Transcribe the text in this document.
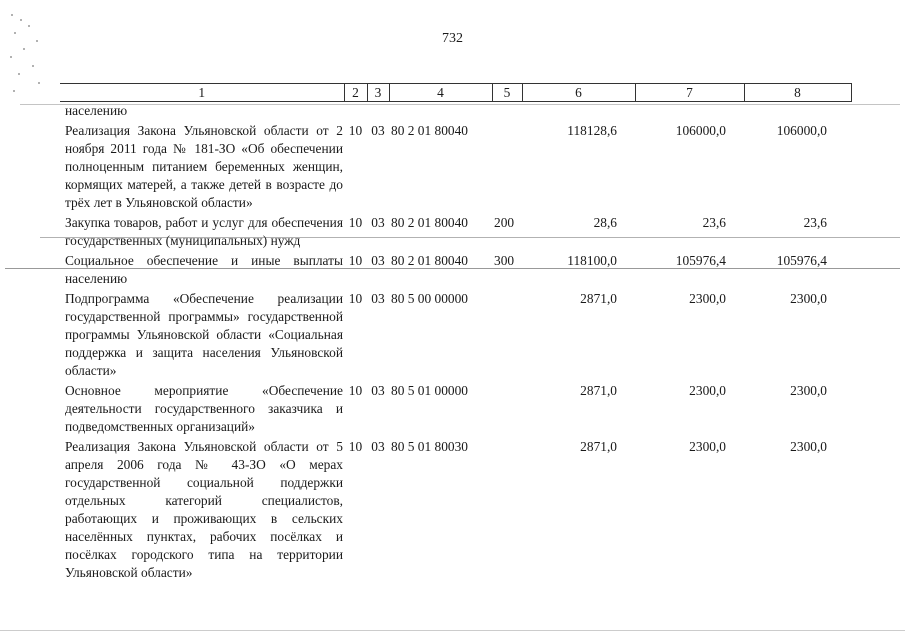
732
1	2	3	4	5	6	7	8
населению							
Реализация Закона Ульяновской области от 2 ноября 2011 года № 181-ЗО «Об обеспечении полноценным питанием беременных женщин, кормящих матерей, а также детей в возрасте до трёх лет в Ульяновской области»	10	03	80 2 01 80040		118128,6	106000,0	106000,0
Закупка товаров, работ и услуг для обеспечения государственных (муниципальных) нужд	10	03	80 2 01 80040	200	28,6	23,6	23,6
Социальное обеспечение и иные выплаты населению	10	03	80 2 01 80040	300	118100,0	105976,4	105976,4
Подпрограмма «Обеспечение реализации государственной программы» государственной программы Ульяновской области «Социальная поддержка и защита населения Ульяновской области»	10	03	80 5 00 00000		2871,0	2300,0	2300,0
Основное мероприятие «Обеспечение деятельности государственного заказчика и подведомственных организаций»	10	03	80 5 01 00000		2871,0	2300,0	2300,0
Реализация Закона Ульяновской области от 5 апреля 2006 года № 43-ЗО «О мерах государственной социальной поддержки отдельных категорий специалистов, работающих и проживающих в сельских населённых пунктах, рабочих посёлках и посёлках городского типа на территории Ульяновской области»	10	03	80 5 01 80030		2871,0	2300,0	2300,0
